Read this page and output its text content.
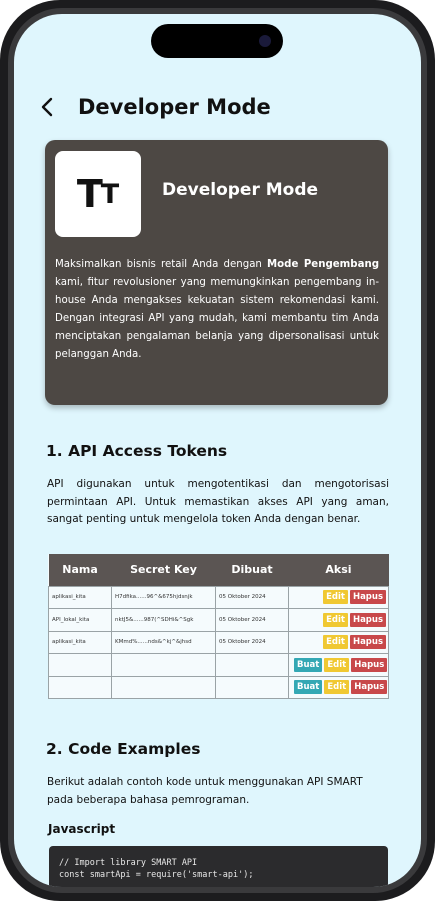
Developer Mode
T T	Developer Mode
Maksimalkan bisnis retail Anda dengan Mode Pengembang kami, fitur revolusioner yang memungkinkan pengembang in-house Anda mengakses kekuatan sistem rekomendasi kami. Dengan integrasi API yang mudah, kami membantu tim Anda menciptakan pengalaman belanja yang dipersonalisasi untuk pelanggan Anda.
1. API Access Tokens
API digunakan untuk mengotentikasi dan mengotorisasi permintaan API. Untuk memastikan akses API yang aman, sangat penting untuk mengelola token Anda dengan benar.
Nama	Secret Key	Dibuat	Aksi
aplikasi_kita	H7dfika......96^&675hjdsnjk	05 Oktober 2024	Edit Hapus
API_lokal_kita	nktJ5&......987(^SDHi&^Sgk	05 Oktober 2024	Edit Hapus
aplikasi_kita	KMmd%......nds&^kj^&jhsd	05 Oktober 2024	Edit Hapus
			Buat Edit Hapus
			Buat Edit Hapus
2. Code Examples
Berikut adalah contoh kode untuk menggunakan API SMART pada beberapa bahasa pemrograman.
Javascript
// Import library SMART API
const smartApi = require('smart-api');
